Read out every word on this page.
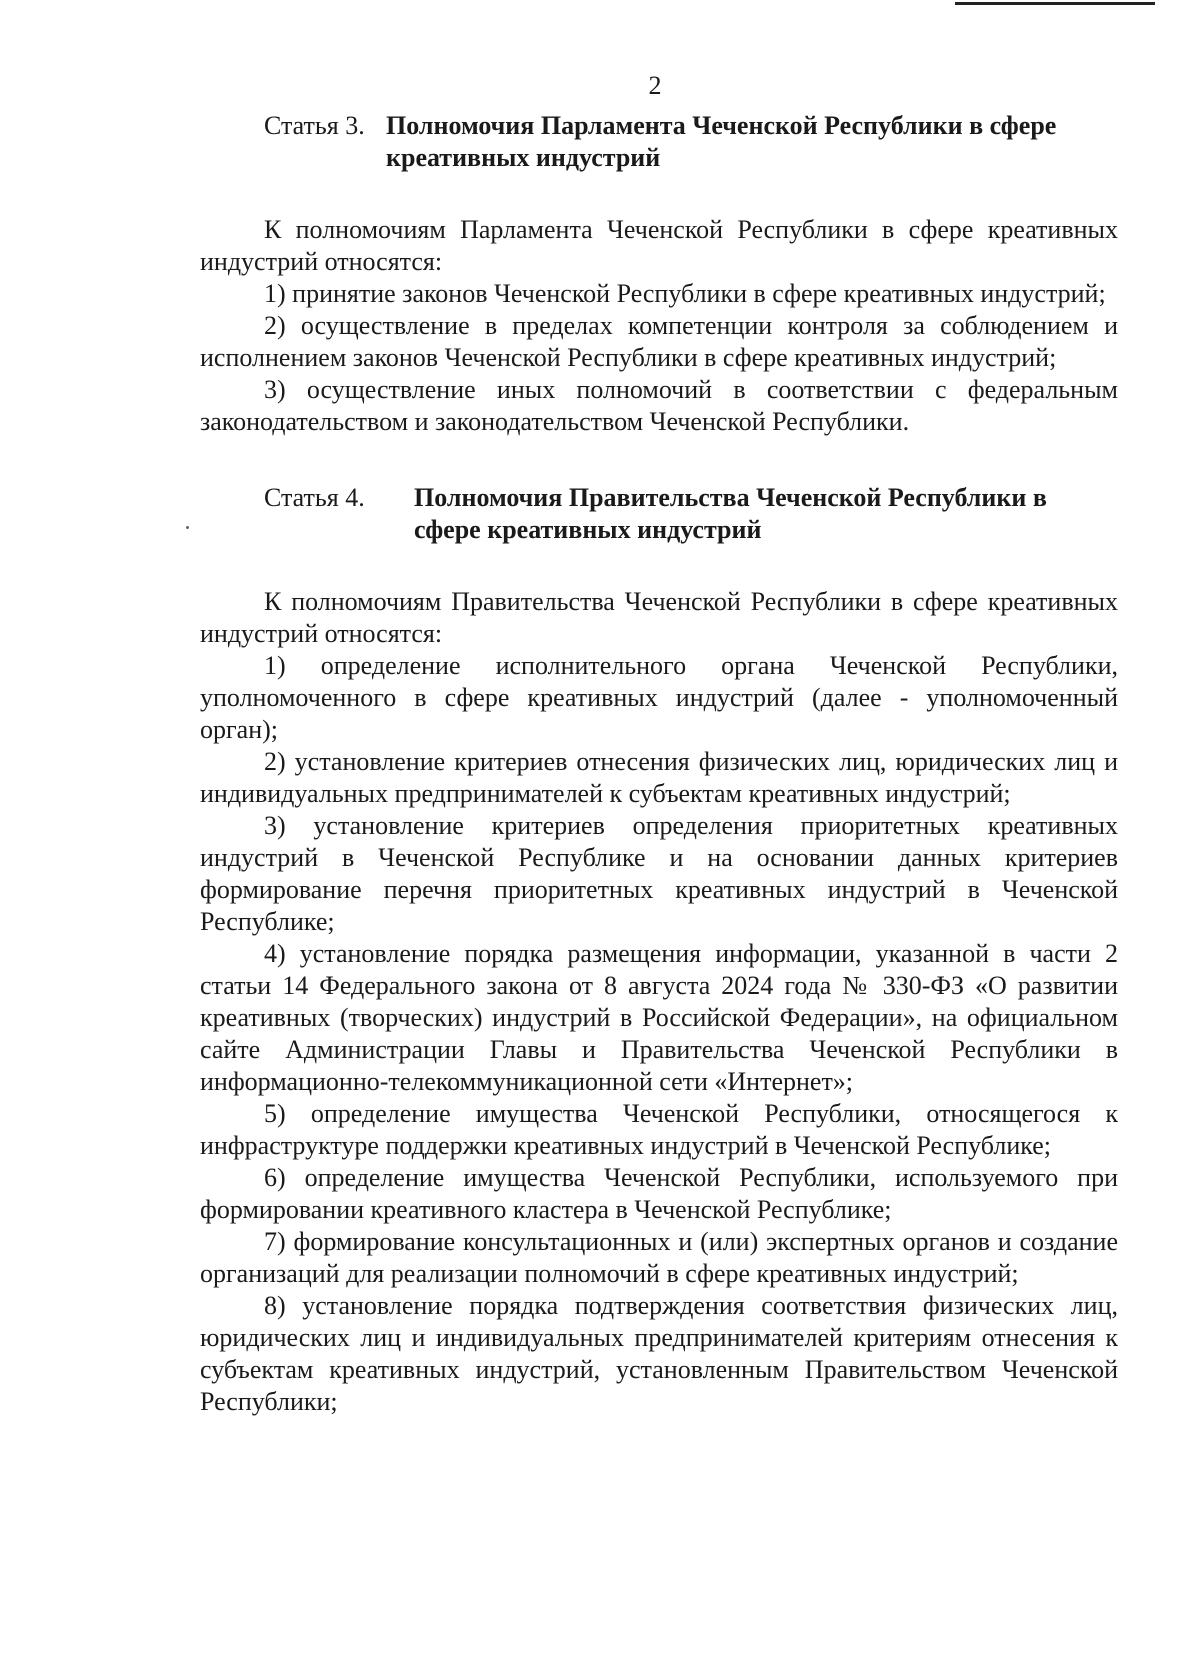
2
Статья 3. Полномочия Парламента Чеченской Республики в сфере креативных индустрий

К полномочиям Парламента Чеченской Республики в сфере креативных индустрий относятся:

1) принятие законов Чеченской Республики в сфере креативных индустрий;

2) осуществление в пределах компетенции контроля за соблюдением и исполнением законов Чеченской Республики в сфере креативных индустрий;

3) осуществление иных полномочий в соответствии с федеральным законодательством и законодательством Чеченской Республики.

Статья 4. Полномочия Правительства Чеченской Республики в сфере креативных индустрий

К полномочиям Правительства Чеченской Республики в сфере креативных индустрий относятся:

1) определение исполнительного органа Чеченской Республики, уполномоченного в сфере креативных индустрий (далее - уполномоченный орган);

2) установление критериев отнесения физических лиц, юридических лиц и индивидуальных предпринимателей к субъектам креативных индустрий;

3) установление критериев определения приоритетных креативных индустрий в Чеченской Республике и на основании данных критериев формирование перечня приоритетных креативных индустрий в Чеченской Республике;

4) установление порядка размещения информации, указанной в части 2 статьи 14 Федерального закона от 8 августа 2024 года № 330-ФЗ «О развитии креативных (творческих) индустрий в Российской Федерации», на официальном сайте Администрации Главы и Правительства Чеченской Республики в информационно-телекоммуникационной сети «Интернет»;

5) определение имущества Чеченской Республики, относящегося к инфраструктуре поддержки креативных индустрий в Чеченской Республике;

6) определение имущества Чеченской Республики, используемого при формировании креативного кластера в Чеченской Республике;

7) формирование консультационных и (или) экспертных органов и создание организаций для реализации полномочий в сфере креативных индустрий;

8) установление порядка подтверждения соответствия физических лиц, юридических лиц и индивидуальных предпринимателей критериям отнесения к субъектам креативных индустрий, установленным Правительством Чеченской Республики;
